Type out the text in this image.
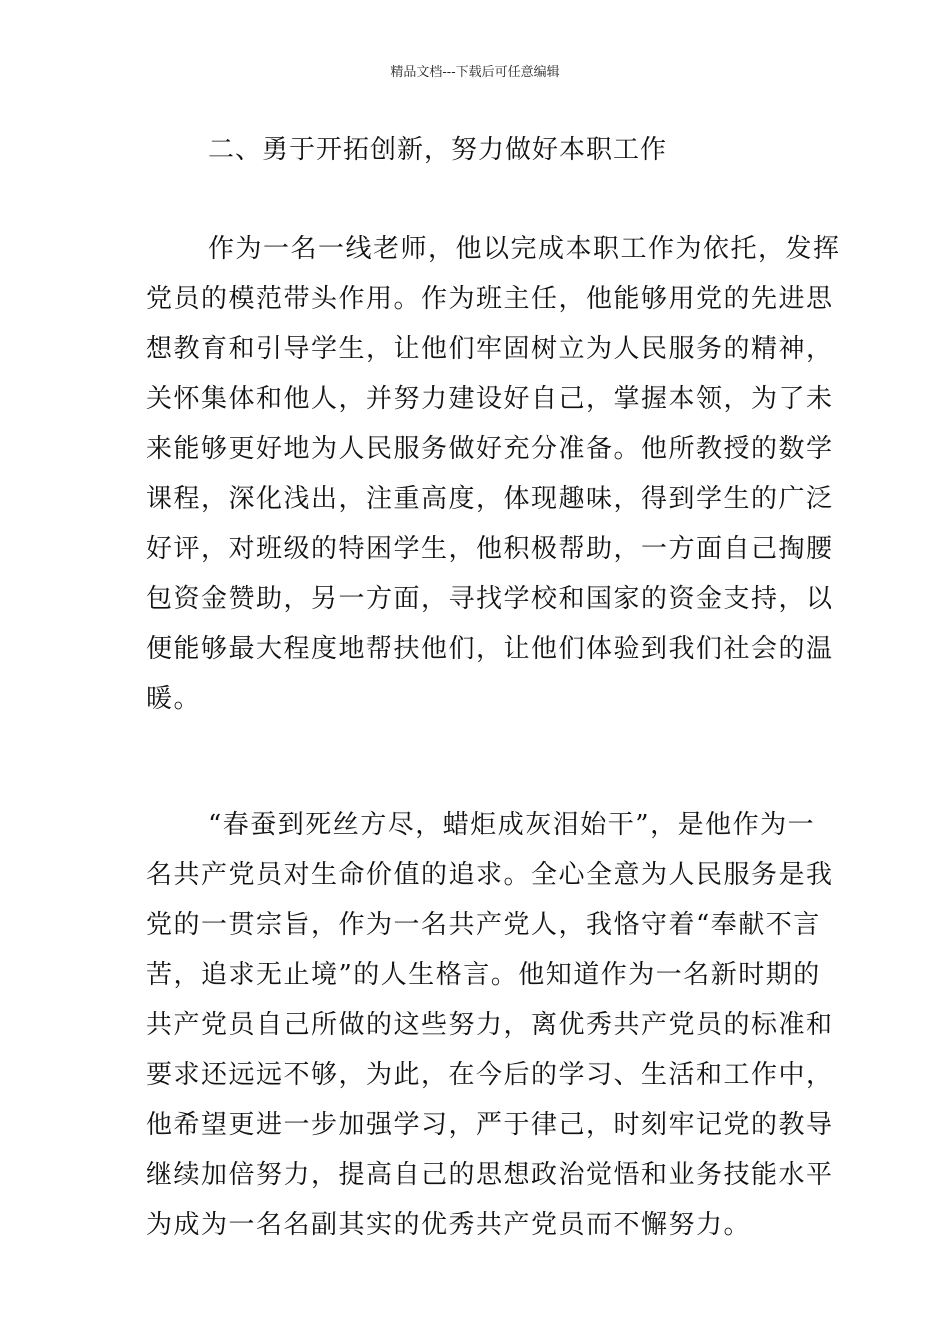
精品文档---下载后可任意编辑
二、勇于开拓创新，努力做好本职工作
作为一名一线老师，他以完成本职工作为依托，发挥
党员的模范带头作用。作为班主任，他能够用党的先进思
想教育和引导学生，让他们牢固树立为人民服务的精神，
关怀集体和他人，并努力建设好自己，掌握本领，为了未
来能够更好地为人民服务做好充分准备。他所教授的数学
课程，深化浅出，注重高度，体现趣味，得到学生的广泛
好评，对班级的特困学生，他积极帮助，一方面自己掏腰
包资金赞助，另一方面，寻找学校和国家的资金支持，以
便能够最大程度地帮扶他们，让他们体验到我们社会的温
暖。
“春蚕到死丝方尽，蜡炬成灰泪始干”，是他作为一
名共产党员对生命价值的追求。全心全意为人民服务是我
党的一贯宗旨，作为一名共产党人，我恪守着“奉献不言
苦，追求无止境”的人生格言。他知道作为一名新时期的
共产党员自己所做的这些努力，离优秀共产党员的标准和
要求还远远不够，为此，在今后的学习、生活和工作中，
他希望更进一步加强学习，严于律己，时刻牢记党的教导
继续加倍努力，提高自己的思想政治觉悟和业务技能水平
为成为一名名副其实的优秀共产党员而不懈努力。
